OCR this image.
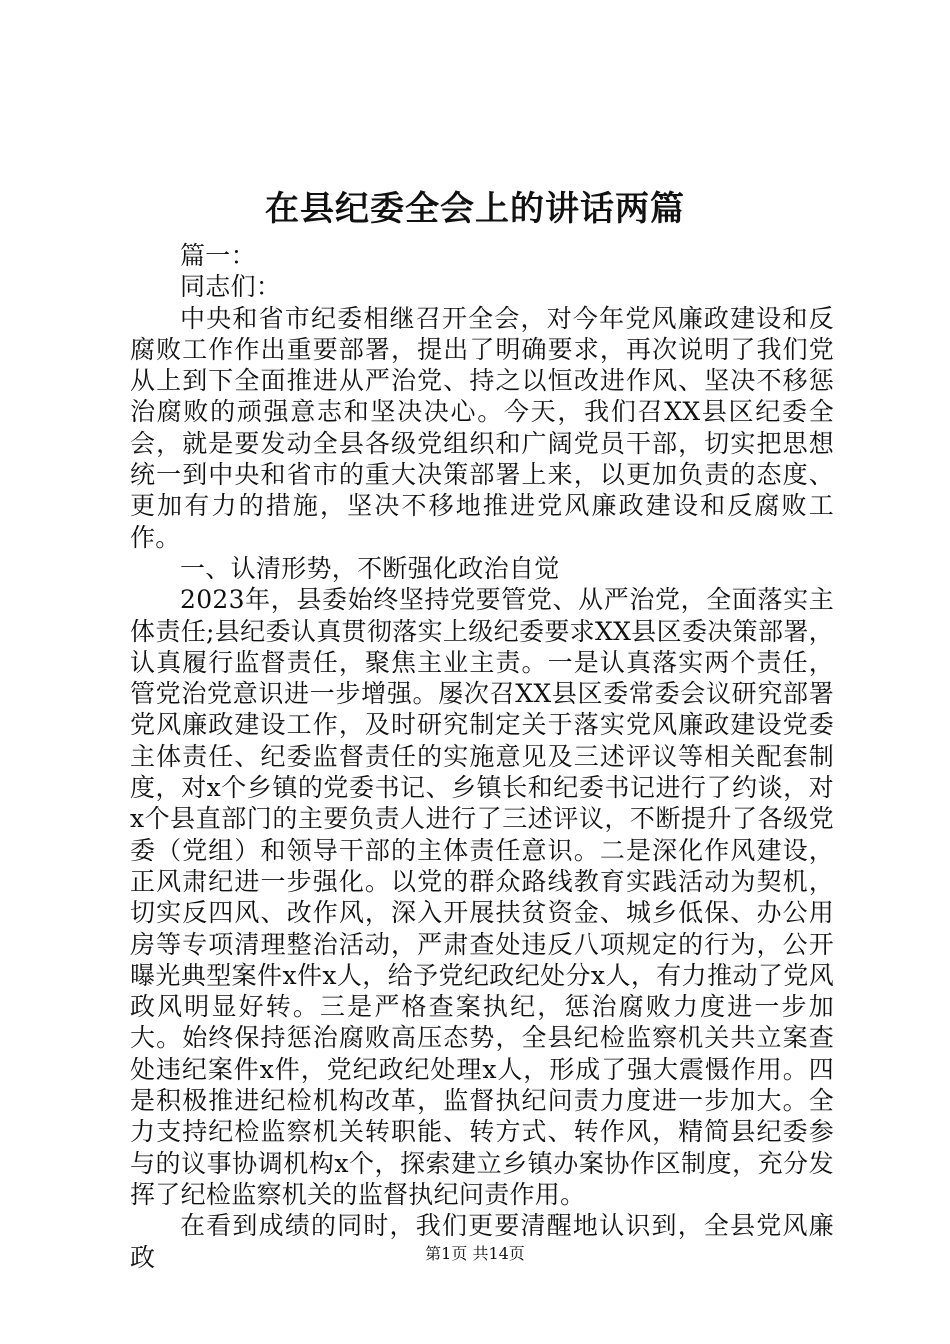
在县纪委全会上的讲话两篇

篇一：

同志们：

中央和省市纪委相继召开全会，对今年党风廉政建设和反腐败工作作出重要部署，提出了明确要求，再次说明了我们党从上到下全面推进从严治党、持之以恒改进作风、坚决不移惩治腐败的顽强意志和坚决决心。今天，我们召XX县区纪委全会，就是要发动全县各级党组织和广阔党员干部，切实把思想统一到中央和省市的重大决策部署上来，以更加负责的态度、更加有力的措施，坚决不移地推进党风廉政建设和反腐败工作。

一、认清形势，不断强化政治自觉

2023年，县委始终坚持党要管党、从严治党，全面落实主体责任;县纪委认真贯彻落实上级纪委要求XX县区委决策部署，认真履行监督责任，聚焦主业主责。一是认真落实两个责任，管党治党意识进一步增强。屡次召XX县区委常委会议研究部署党风廉政建设工作，及时研究制定关于落实党风廉政建设党委主体责任、纪委监督责任的实施意见及三述评议等相关配套制度，对x个乡镇的党委书记、乡镇长和纪委书记进行了约谈，对x个县直部门的主要负责人进行了三述评议，不断提升了各级党委（党组）和领导干部的主体责任意识。二是深化作风建设，正风肃纪进一步强化。以党的群众路线教育实践活动为契机，切实反四风、改作风，深入开展扶贫资金、城乡低保、办公用房等专项清理整治活动，严肃查处违反八项规定的行为，公开曝光典型案件x件x人，给予党纪政纪处分x人，有力推动了党风政风明显好转。三是严格查案执纪，惩治腐败力度进一步加大。始终保持惩治腐败高压态势，全县纪检监察机关共立案查处违纪案件x件，党纪政纪处理x人，形成了强大震慑作用。四是积极推进纪检机构改革，监督执纪问责力度进一步加大。全力支持纪检监察机关转职能、转方式、转作风，精简县纪委参与的议事协调机构x个，探索建立乡镇办案协作区制度，充分发挥了纪检监察机关的监督执纪问责作用。

在看到成绩的同时，我们更要清醒地认识到，全县党风廉政	第1页 共14页
